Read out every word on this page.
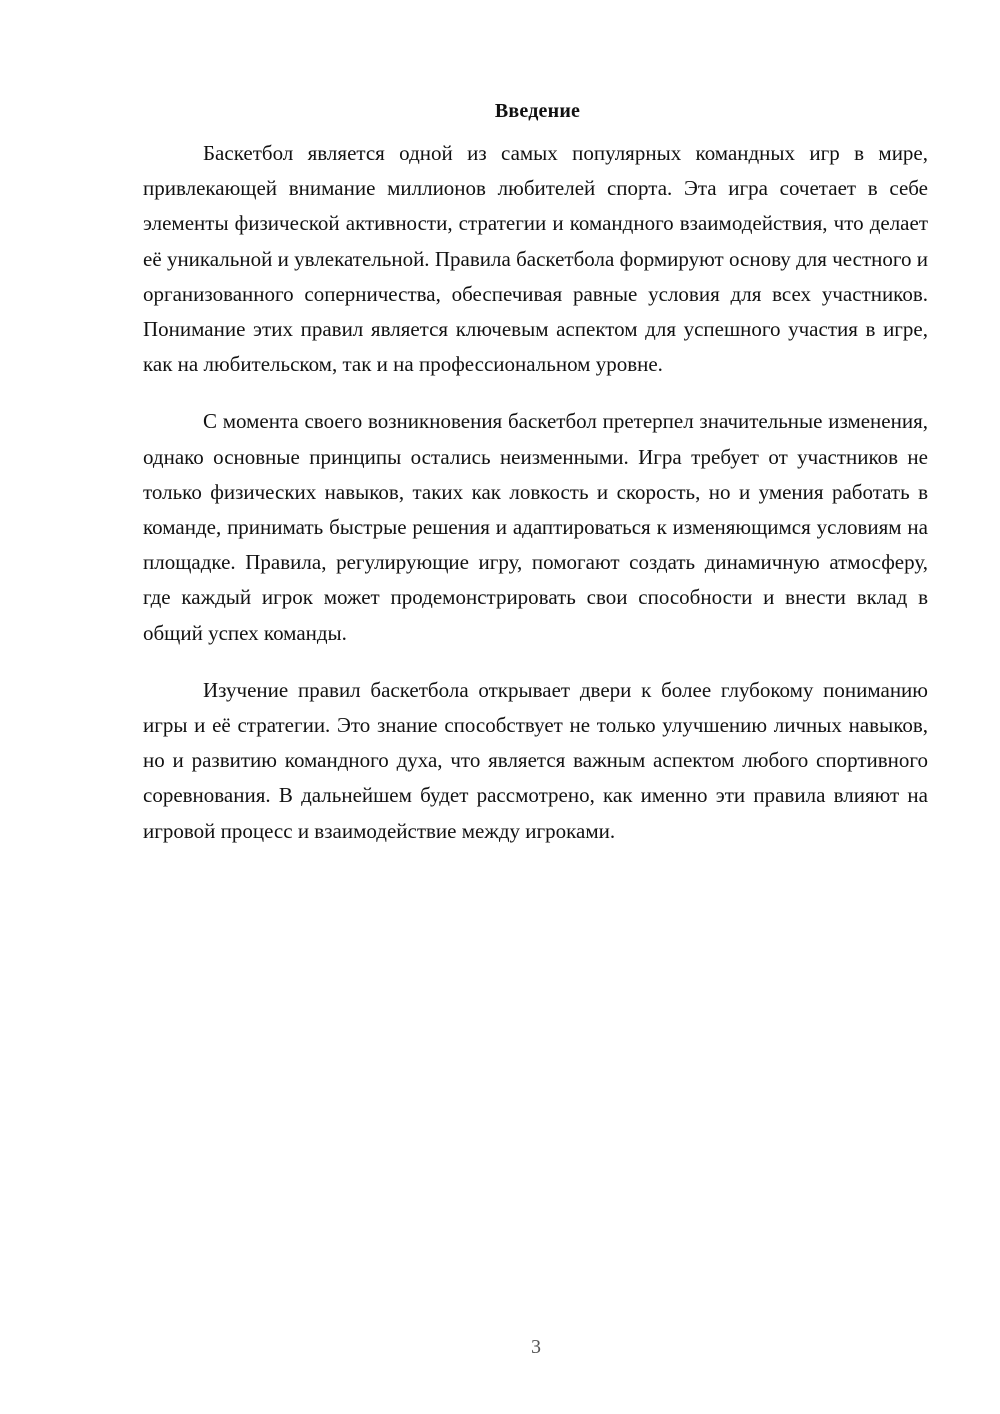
Введение

Баскетбол является одной из самых популярных командных игр в мире, привлекающей внимание миллионов любителей спорта. Эта игра сочетает в себе элементы физической активности, стратегии и командного взаимодействия, что делает её уникальной и увлекательной. Правила баскетбола формируют основу для честного и организованного соперничества, обеспечивая равные условия для всех участников. Понимание этих правил является ключевым аспектом для успешного участия в игре, как на любительском, так и на профессиональном уровне.

С момента своего возникновения баскетбол претерпел значительные изменения, однако основные принципы остались неизменными. Игра требует от участников не только физических навыков, таких как ловкость и скорость, но и умения работать в команде, принимать быстрые решения и адаптироваться к изменяющимся условиям на площадке. Правила, регулирующие игру, помогают создать динамичную атмосферу, где каждый игрок может продемонстрировать свои способности и внести вклад в общий успех команды.

Изучение правил баскетбола открывает двери к более глубокому пониманию игры и её стратегии. Это знание способствует не только улучшению личных навыков, но и развитию командного духа, что является важным аспектом любого спортивного соревнования. В дальнейшем будет рассмотрено, как именно эти правила влияют на игровой процесс и взаимодействие между игроками.

3
